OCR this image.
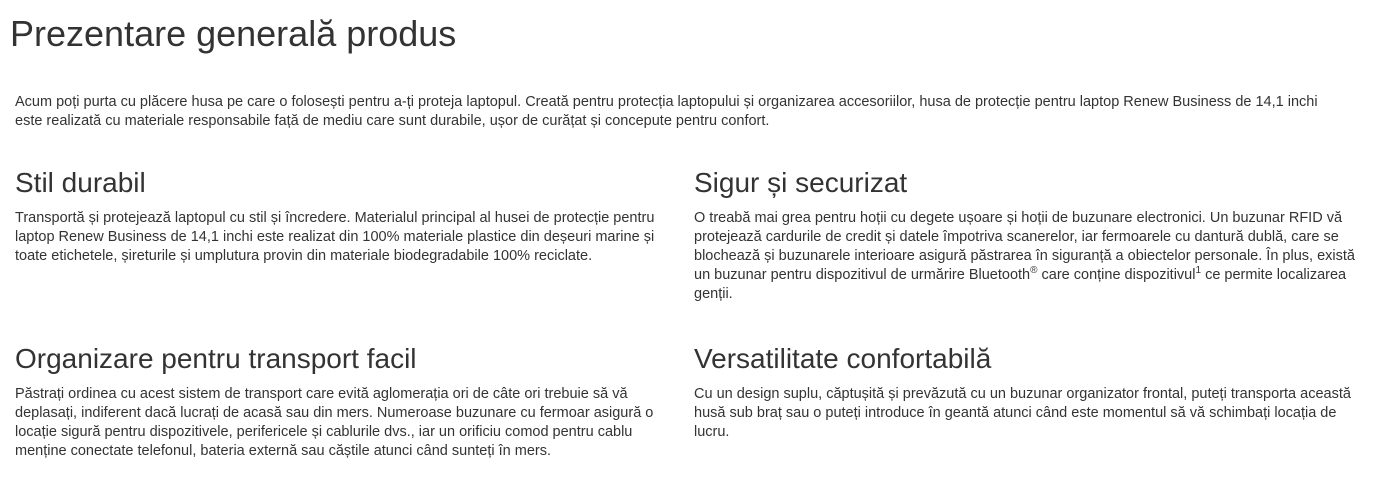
Prezentare generală produs

Acum poți purta cu plăcere husa pe care o folosești pentru a-ți proteja laptopul. Creată pentru protecția laptopului și organizarea accesoriilor, husa de protecție pentru laptop Renew Business de 14,1 inchi este realizată cu materiale responsabile față de mediu care sunt durabile, ușor de curățat și concepute pentru confort.

Stil durabil

Transportă și protejează laptopul cu stil și încredere. Materialul principal al husei de protecție pentru laptop Renew Business de 14,1 inchi este realizat din 100% materiale plastice din deșeuri marine și toate etichetele, șireturile și umplutura provin din materiale biodegradabile 100% reciclate.

Sigur și securizat

O treabă mai grea pentru hoții cu degete ușoare și hoții de buzunare electronici. Un buzunar RFID vă protejează cardurile de credit și datele împotriva scanerelor, iar fermoarele cu dantură dublă, care se blochează și buzunarele interioare asigură păstrarea în siguranță a obiectelor personale. În plus, există un buzunar pentru dispozitivul de urmărire Bluetooth® care conține dispozitivul$^1$ ce permite localizarea genții.

Organizare pentru transport facil

Păstrați ordinea cu acest sistem de transport care evită aglomerația ori de câte ori trebuie să vă deplasați, indiferent dacă lucrați de acasă sau din mers. Numeroase buzunare cu fermoar asigură o locație sigură pentru dispozitivele, perifericele și cablurile dvs., iar un orificiu comod pentru cablu menține conectate telefonul, bateria externă sau căștile atunci când sunteți în mers.

Versatilitate confortabilă

Cu un design suplu, căptușită și prevăzută cu un buzunar organizator frontal, puteți transporta această husă sub braț sau o puteți introduce în geantă atunci când este momentul să vă schimbați locația de lucru.
